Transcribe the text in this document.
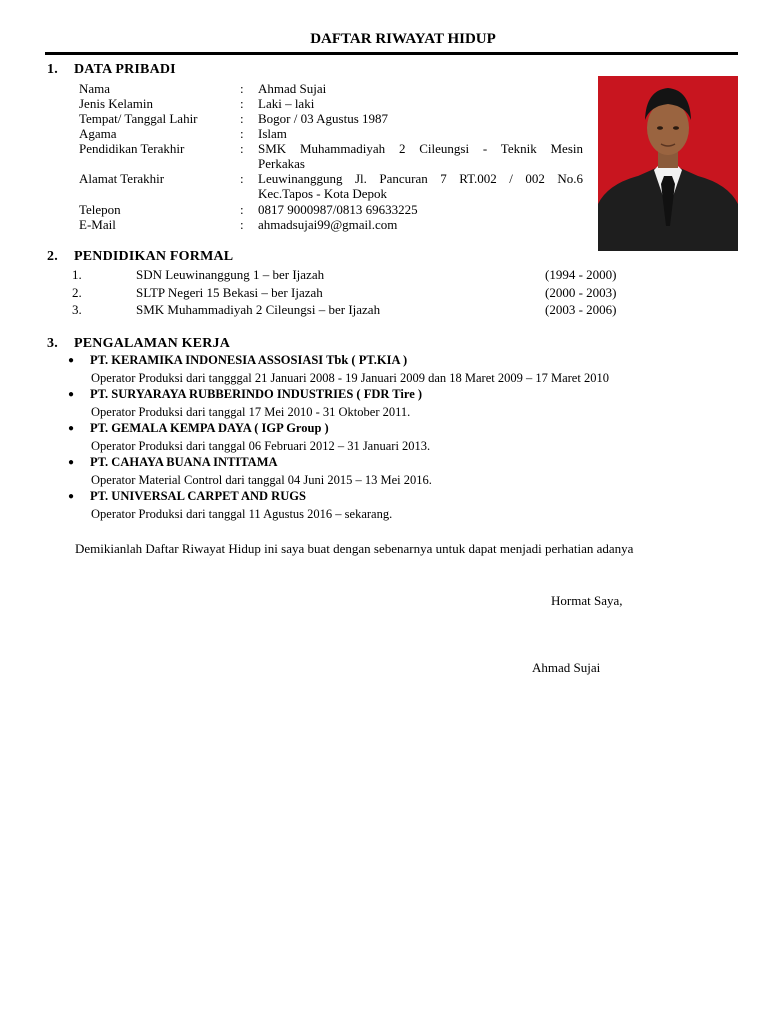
DAFTAR RIWAYAT HIDUP
1. DATA PRIBADI
Nama	: Ahmad Sujai
Jenis Kelamin	: Laki – laki
Tempat/ Tanggal Lahir	: Bogor / 03 Agustus 1987
Agama	: Islam
Pendidikan Terakhir	: SMK Muhammadiyah 2 Cileungsi - Teknik Mesin
Perkakas
Alamat Terakhir	: Leuwinanggung Jl. Pancuran 7 RT.002 / 002 No.6
Kec.Tapos - Kota Depok
Telepon	: 0817 9000987/0813 69633225
E-Mail	: ahmadsujai99@gmail.com
2. PENDIDIKAN FORMAL
1.	SDN Leuwinanggung 1 – ber Ijazah	(1994 - 2000)
2.	SLTP Negeri 15 Bekasi – ber Ijazah	(2000 - 2003)
3.	SMK Muhammadiyah 2 Cileungsi – ber Ijazah	(2003 - 2006)
3. PENGALAMAN KERJA
● PT. KERAMIKA INDONESIA ASSOSIASI Tbk ( PT.KIA )
Operator Produksi dari tangggal 21 Januari 2008 - 19 Januari 2009 dan 18 Maret 2009 – 17 Maret 2010
● PT. SURYARAYA RUBBERINDO INDUSTRIES ( FDR Tire )
Operator Produksi dari tanggal 17 Mei 2010 - 31 Oktober 2011.
● PT. GEMALA KEMPA DAYA ( IGP Group )
Operator Produksi dari tanggal 06 Februari 2012 – 31 Januari 2013.
● PT. CAHAYA BUANA INTITAMA
Operator Material Control dari tanggal 04 Juni 2015 – 13 Mei 2016.
● PT. UNIVERSAL CARPET AND RUGS
Operator Produksi dari tanggal 11 Agustus 2016 – sekarang.
Demikianlah Daftar Riwayat Hidup ini saya buat dengan sebenarnya untuk dapat menjadi perhatian adanya
Hormat Saya,
Ahmad Sujai
